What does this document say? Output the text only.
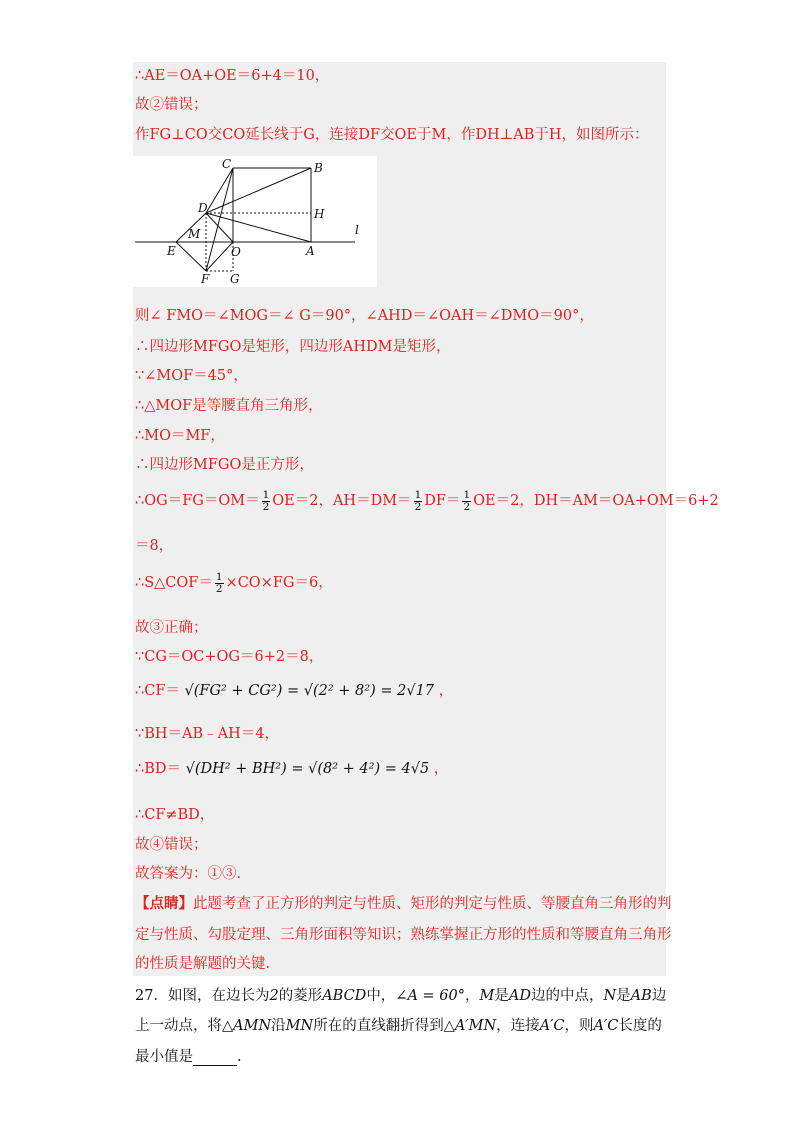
∴AE＝OA+OE＝6+4＝10，
故②错误；
作FG⊥CO交CO延长线于G，连接DF交OE于M，作DH⊥AB于H，如图所示：
C	B
D	H
M
E	O	A
F G
l
则∠ FMO＝∠MOG＝∠ G＝90°，∠AHD＝∠OAH＝∠DMO＝90°，
∴四边形MFGO是矩形，四边形AHDM是矩形，
∵∠MOF＝45°，
∴△MOF是等腰直角三角形，
∴MO＝MF，
∴四边形MFGO是正方形，
∴OG＝FG＝OM＝ $\frac{1}{2} OE=2$，$AH=DM= \frac{1}{2} DF= \frac{1}{2} OE=2$，DH＝AM＝OA+OM＝6+2
＝8，
∴S△COF＝ $\frac{1}{2} \times CO\times FG=6$，
故③正确；
∵CG＝OC+OG＝6+2＝8，
∴CF＝ √(FG² + CG²) = √(2² + 8²) = 2√17 ，
∵BH＝AB﹣AH＝4，
∴BD＝ √(DH² + BH²) = √(8² + 4²) = 4√5 ，
∴CF≠BD，
故④错误；
故答案为：①③.
【点睛】此题考查了正方形的判定与性质、矩形的判定与性质、等腰直角三角形的判
定与性质、勾股定理、三角形面积等知识；熟练掌握正方形的性质和等腰直角三角形
的性质是解题的关键.
27．如图，在边长为2的菱形ABCD中，∠A = 60°，M是AD边的中点，N是AB边
上一动点，将△AMN沿MN所在的直线翻折得到△A′MN，连接A′C，则A′C长度的
最小值是	.
